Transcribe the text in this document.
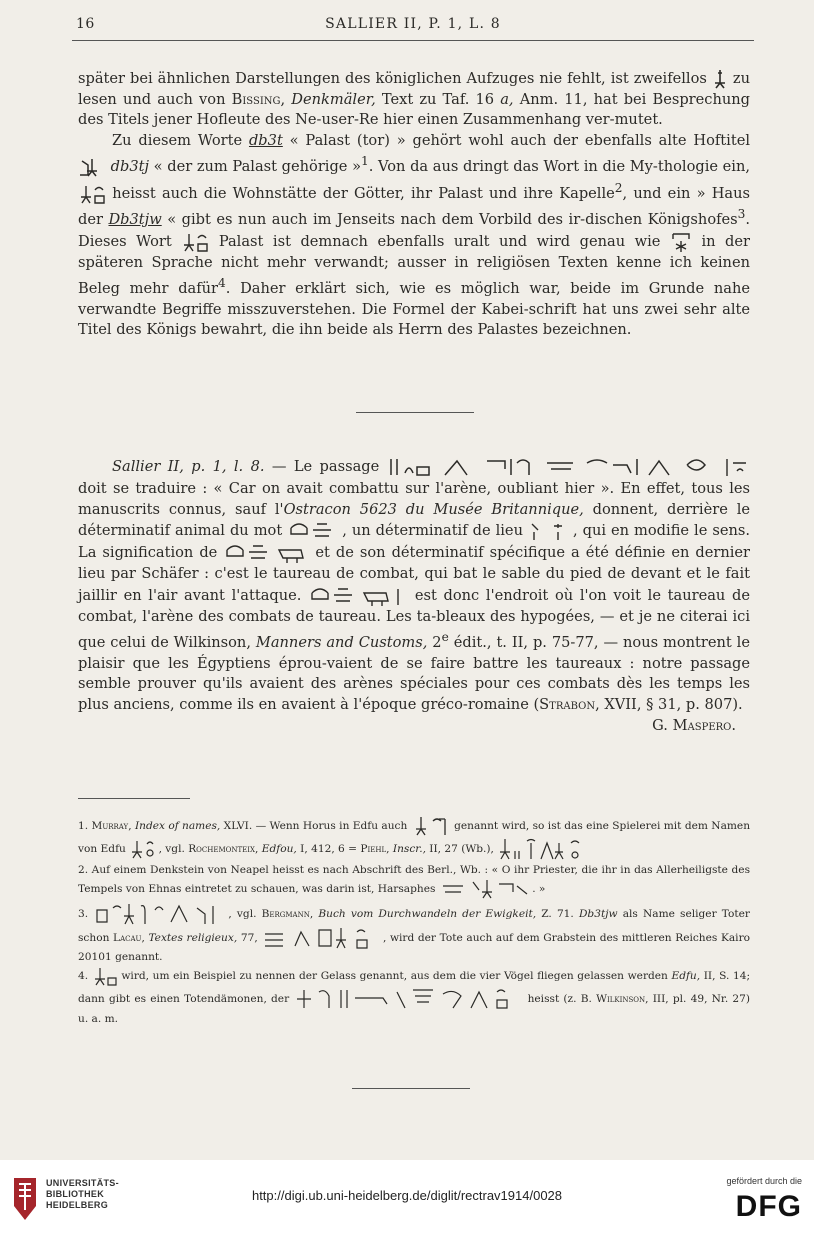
16	SALLIER II, P. 1, L. 8

später bei ähnlichen Darstellungen des königlichen Aufzuges nie fehlt, ist zweifellos zu lesen und auch von Bissing, Denkmäler, Text zu Taf. 16 a, Anm. 11, hat bei Besprechung des Titels jener Hofleute des Ne-user-Re hier einen Zusammenhang ver-mutet.

Zu diesem Worte db3t « Palast (tor) » gehört wohl auch der ebenfalls alte Hoftitel
db3tj « der zum Palast gehörige »$^1$. Von da aus dringt das Wort in die My-thologie ein,
heisst auch die Wohnstätte der Götter, ihr Palast und ihre Kapelle$^2$, und ein » Haus der Db3tjw « gibt es nun auch im Jenseits nach dem Vorbild des ir-dischen Königshofes$^3$. Dieses Wort	Palast ist demnach ebenfalls uralt und wird genau wie	in der späteren Sprache nicht mehr verwandt; ausser in religiösen Texten kenne ich keinen Beleg mehr dafür$^4$. Daher erklärt sich, wie es möglich war, beide im Grunde nahe verwandte Begriffe misszuverstehen. Die Formel der Kabei-schrift hat uns zwei sehr alte Titel des Königs bewahrt, die ihn beide als Herrn des Palastes bezeichnen.

Sallier II, p. 1, l. 8. — Le passage

doit se traduire : « Car on avait combattu sur l'arène, oubliant hier ». En effet, tous les manuscrits connus, sauf l'Ostracon 5623 du Musée Britannique, donnent, derrière le déterminatif animal du mot	, un déterminatif de lieu	, qui en modifie le sens. La signification de	et de son déterminatif spécifique a été définie en dernier lieu par Schäfer : c'est le taureau de combat, qui bat le sable du pied de devant et le fait jaillir en l'air avant l'attaque.	est donc l'endroit où l'on voit le taureau de combat, l'arène des combats de taureau. Les ta-bleaux des hypogées, — et je ne citerai ici que celui de Wilkinson, Manners and Customs, 2e édit., t. II, p. 75-77, — nous montrent le plaisir que les Égyptiens éprou-vaient de se faire battre les taureaux : notre passage semble prouver qu'ils avaient des arènes spéciales pour ces combats dès les temps les plus anciens, comme ils en avaient à l'époque gréco-romaine (Strabon, XVII, § 31, p. 807).
G. Maspero.

1. Murray, Index of names, XLVI. — Wenn Horus in Edfu auch	genannt wird, so ist das eine Spielerei mit dem Namen von Edfu	, vgl. Rochemonteix, Edfou, I, 412, 6 = Piehl, Inscr., II, 27 (Wb.),

2. Auf einem Denkstein von Neapel heisst es nach Abschrift des Berl., Wb. : « O ihr Priester, die ihr in das Allerheiligste des Tempels von Ehnas eintretet zu schauen, was darin ist, Harsaphes	. »

3.	, vgl. Bergmann, Buch vom Durchwandeln der Ewigkeit, Z. 71. Db3tjw als Name seliger Toter schon Lacau, Textes religieux, 77,	, wird der Tote auch auf dem Grabstein des mittleren Reiches Kairo 20101 genannt.

4.	wird, um ein Beispiel zu nennen der Gelass genannt, aus dem die vier Vögel fliegen gelassen werden Edfu, II, S. 14; dann gibt es einen Totendämonen, der	heisst (z. B. Wilkinson, III, pl. 49, Nr. 27) u. a. m.

UNIVERSITÄTS-
BIBLIOTHEK
HEIDELBERG
http://digi.ub.uni-heidelberg.de/diglit/rectrav1914/0028
gefördert durch die
DFG
